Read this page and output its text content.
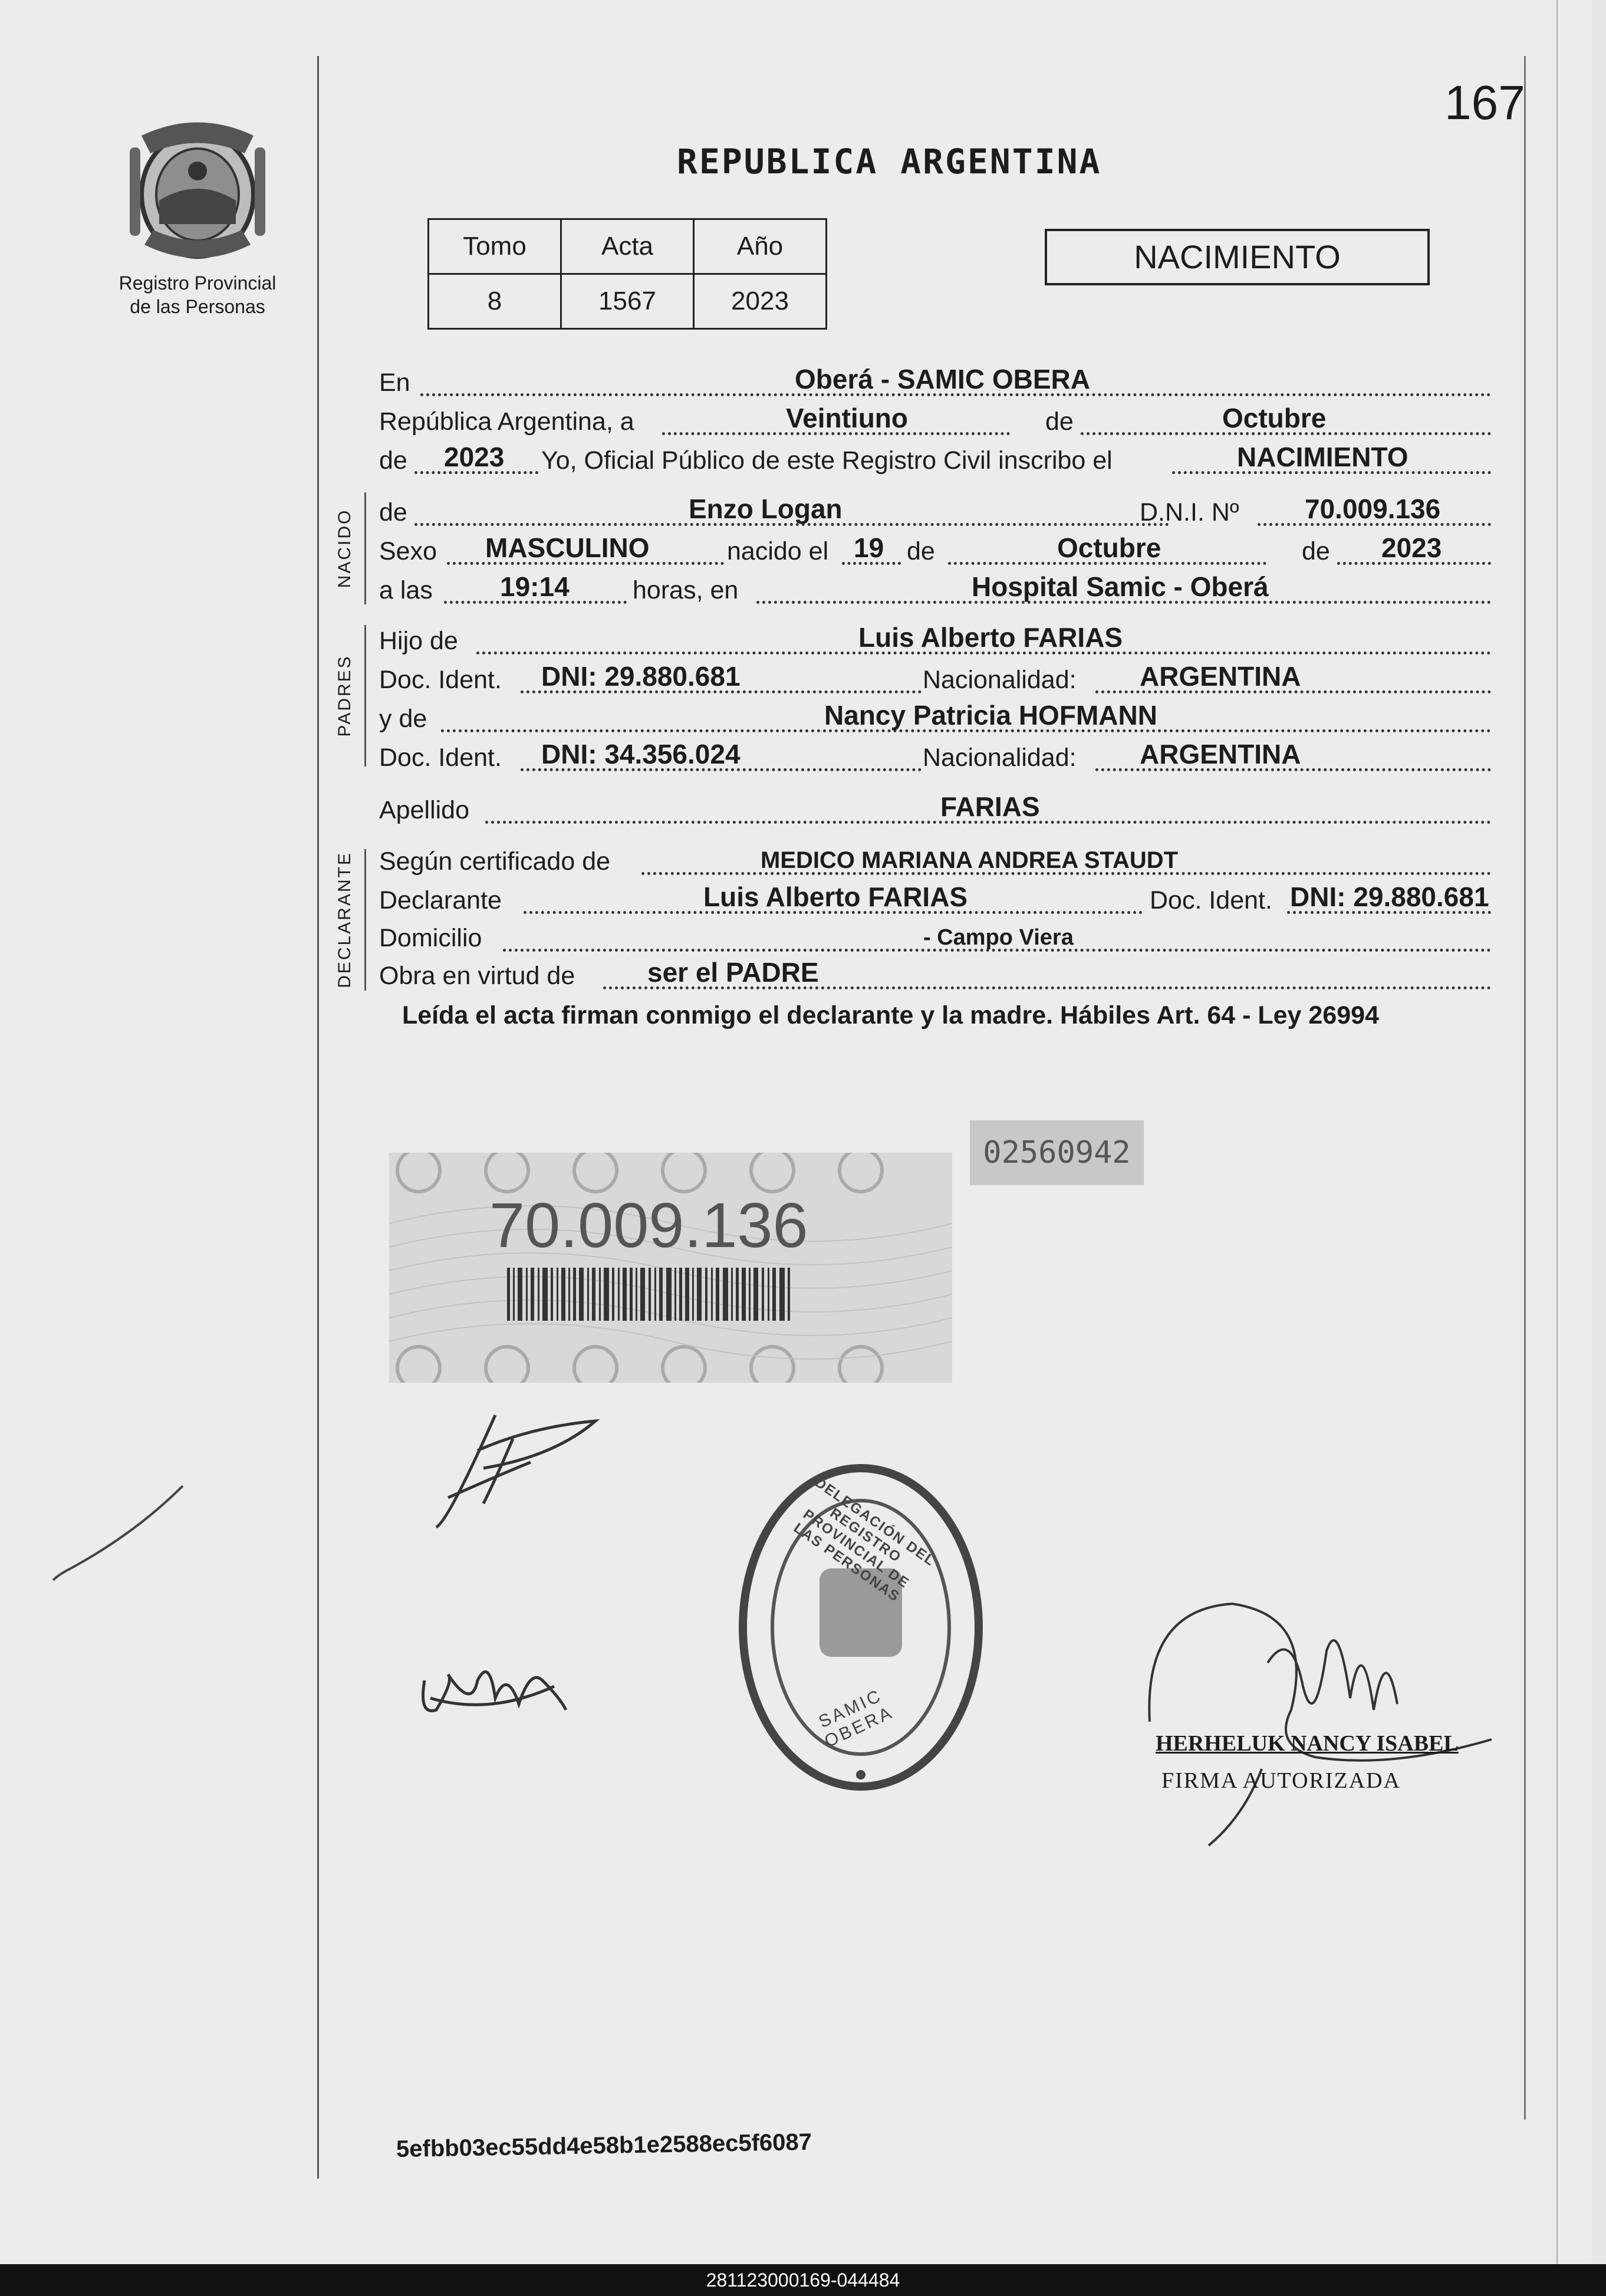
167
Registro Provincial
de las Personas
REPUBLICA ARGENTINA
Tomo	Acta	Año
8	1567	2023
NACIMIENTO
En	Oberá - SAMIC OBERA
República Argentina, a	Veintiuno	de	Octubre
de 2023 Yo, Oficial Público de este Registro Civil inscribo el	NACIMIENTO
NACIDO de	Enzo Logan	D.N.I. Nº 70.009.136
Sexo MASCULINO	nacido el 19 de	Octubre	de 2023
a las 19:14 horas, en	Hospital Samic - Oberá
PADRES
Hijo de	Luis Alberto FARIAS
Doc. Ident. DNI: 29.880.681	Nacionalidad: ARGENTINA
y de	Nancy Patricia HOFMANN
Doc. Ident. DNI: 34.356.024	Nacionalidad: ARGENTINA
Apellido	FARIAS
DECLARANTE Según certificado de	MEDICO MARIANA ANDREA STAUDT
Declarante	Luis Alberto FARIAS	Doc. Ident. DNI: 29.880.681
Domicilio	- Campo Viera
Obra en virtud de	ser el PADRE
Leída el acta firman conmigo el declarante y la madre. Hábiles Art. 64 - Ley 26994
02560942
70.009.136
DELEGACIÓN DEL REGISTRO PROVINCIAL DE LAS PERSONAS
SAMIC OBERA	HERHELUK NANCY ISABEL
FIRMA AUTORIZADA
5efbb03ec55dd4e58b1e2588ec5f6087
281123000169-044484
